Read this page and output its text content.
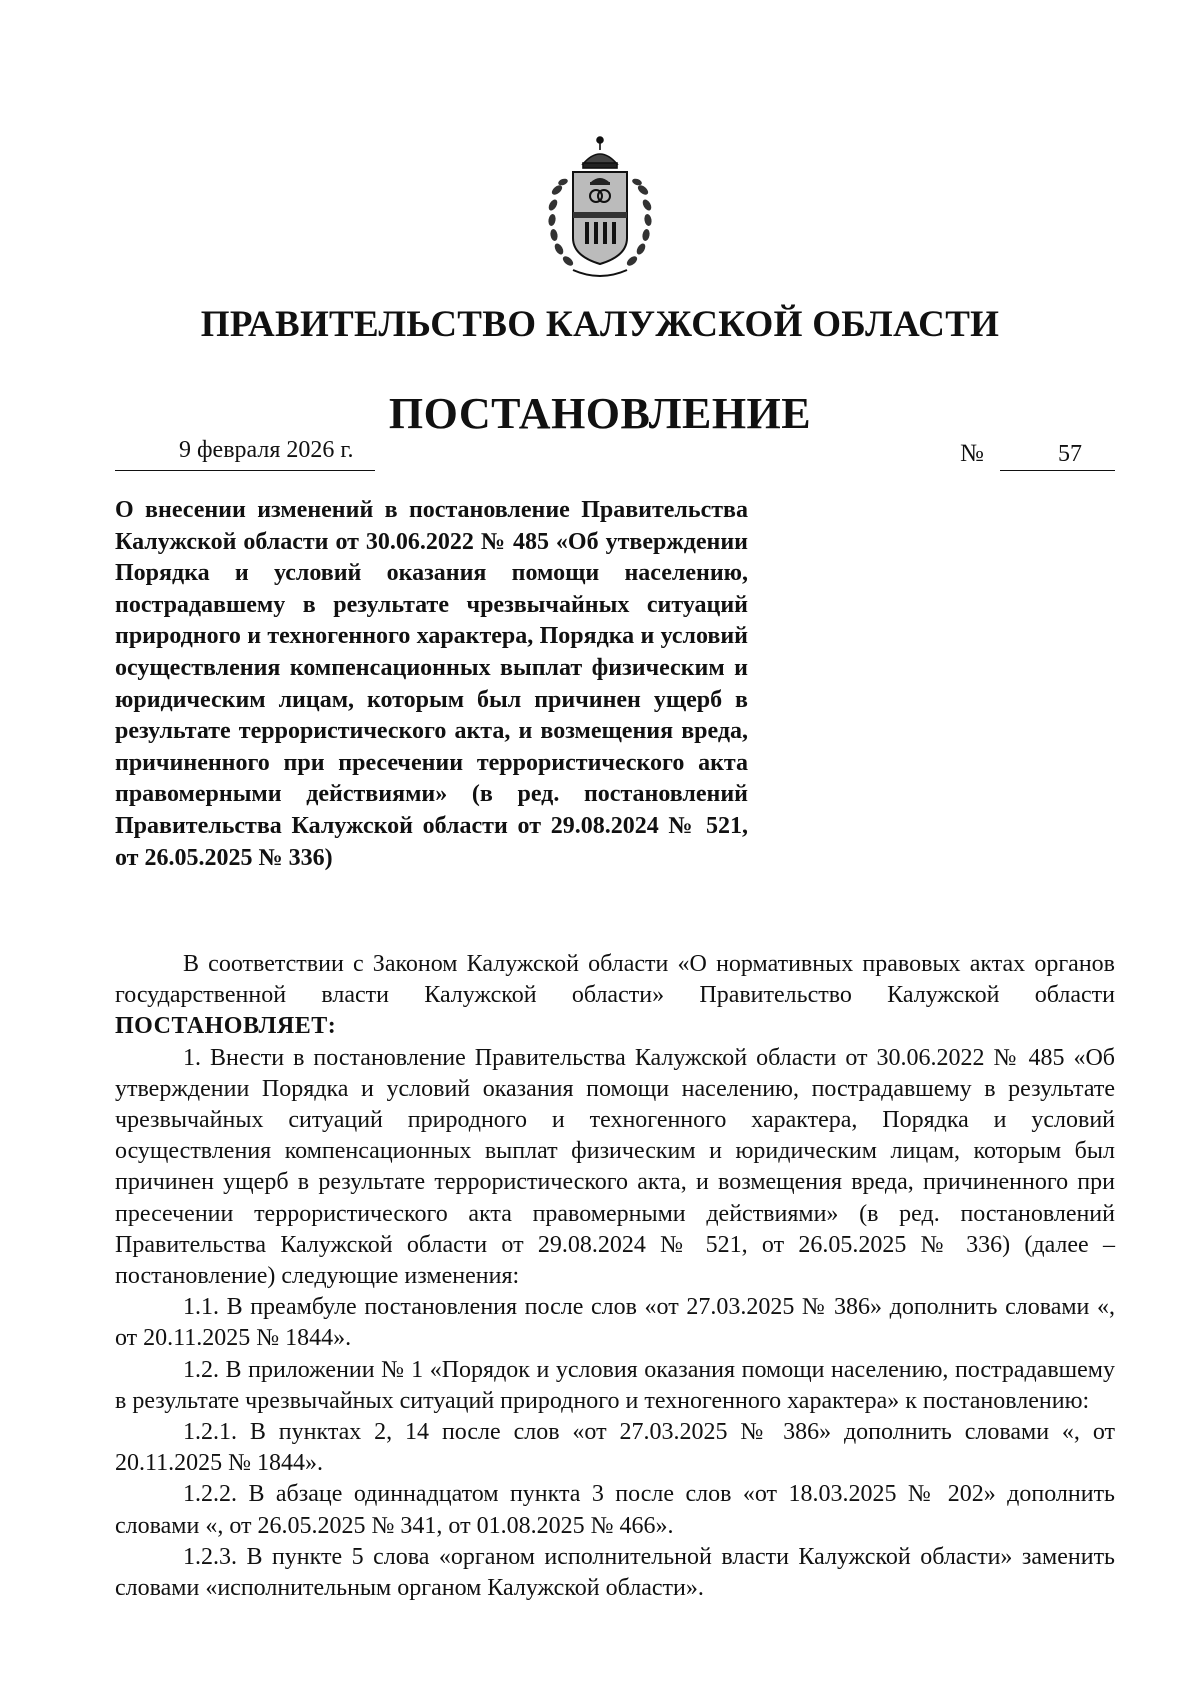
ПРАВИТЕЛЬСТВО КАЛУЖСКОЙ ОБЛАСТИ
ПОСТАНОВЛЕНИЕ
9 февраля 2026 г.	№	57

О внесении изменений в постановление Правительства Калужской области от 30.06.2022 № 485 «Об утверждении Порядка и условий оказания помощи населению, пострадавшему в результате чрезвычайных ситуаций природного и техногенного характера, Порядка и условий осуществления компенсационных выплат физическим и юридическим лицам, которым был причинен ущерб в результате террористического акта, и возмещения вреда, причиненного при пресечении террористического акта правомерными действиями» (в ред. постановлений Правительства Калужской области от 29.08.2024 № 521, от 26.05.2025 № 336)

В соответствии с Законом Калужской области «О нормативных правовых актах органов государственной власти Калужской области» Правительство Калужской области ПОСТАНОВЛЯЕТ:

1. Внести в постановление Правительства Калужской области от 30.06.2022 № 485 «Об утверждении Порядка и условий оказания помощи населению, пострадавшему в результате чрезвычайных ситуаций природного и техногенного характера, Порядка и условий осуществления компенсационных выплат физическим и юридическим лицам, которым был причинен ущерб в результате террористического акта, и возмещения вреда, причиненного при пресечении террористического акта правомерными действиями» (в ред. постановлений Правительства Калужской области от 29.08.2024 № 521, от 26.05.2025 № 336) (далее – постановление) следующие изменения:

1.1. В преамбуле постановления после слов «от 27.03.2025 № 386» дополнить словами «, от 20.11.2025 № 1844».

1.2. В приложении № 1 «Порядок и условия оказания помощи населению, пострадавшему в результате чрезвычайных ситуаций природного и техногенного характера» к постановлению:

1.2.1. В пунктах 2, 14 после слов «от 27.03.2025 № 386» дополнить словами «, от 20.11.2025 № 1844».

1.2.2. В абзаце одиннадцатом пункта 3 после слов «от 18.03.2025 № 202» дополнить словами «, от 26.05.2025 № 341, от 01.08.2025 № 466».

1.2.3. В пункте 5 слова «органом исполнительной власти Калужской области» заменить словами «исполнительным органом Калужской области».
